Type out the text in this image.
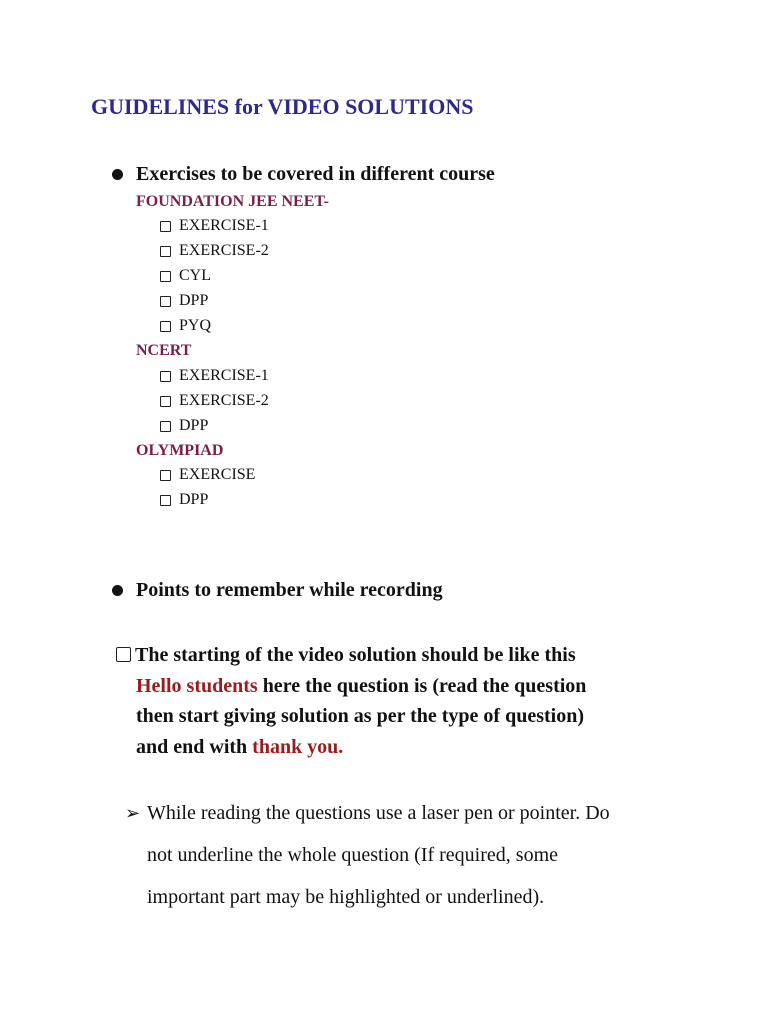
GUIDELINES for VIDEO SOLUTIONS
Exercises to be covered in different course
FOUNDATION JEE NEET-
EXERCISE-1
EXERCISE-2
CYL
DPP
PYQ
NCERT
EXERCISE-1
EXERCISE-2
DPP
OLYMPIAD
EXERCISE
DPP
Points to remember while recording
The starting of the video solution should be like this
Hello students here the question is (read the question
then start giving solution as per the type of question)
and end with thank you.
➢ While reading the questions use a laser pen or pointer. Do
not underline the whole question (If required, some
important part may be highlighted or underlined).
